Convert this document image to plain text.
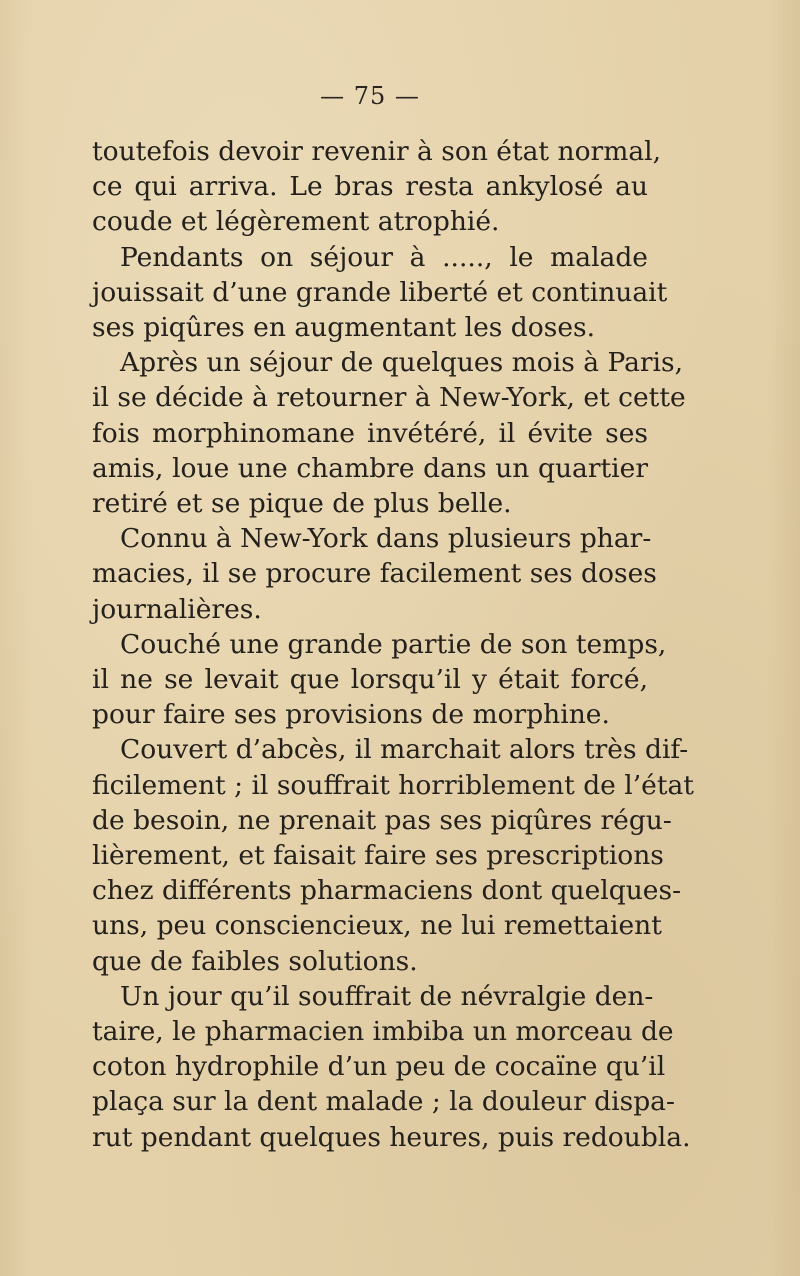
— 75 —

toutefois devoir revenir à son état normal,
ce qui arriva. Le bras resta ankylosé au
coude et légèrement atrophié.

Pendants on séjour à ....., le malade
jouissait d’une grande liberté et continuait
ses piqûres en augmentant les doses.

Après un séjour de quelques mois à Paris,
il se décide à retourner à New-York, et cette
fois morphinomane invétéré, il évite ses
amis, loue une chambre dans un quartier
retiré et se pique de plus belle.

Connu à New-York dans plusieurs phar-
macies, il se procure facilement ses doses
journalières.

Couché une grande partie de son temps,
il ne se levait que lorsqu’il y était forcé,
pour faire ses provisions de morphine.

Couvert d’abcès, il marchait alors très dif-
ficilement ; il souffrait horriblement de l’état
de besoin, ne prenait pas ses piqûres régu-
lièrement, et faisait faire ses prescriptions
chez différents pharmaciens dont quelques-
uns, peu consciencieux, ne lui remettaient
que de faibles solutions.

Un jour qu’il souffrait de névralgie den-
taire, le pharmacien imbiba un morceau de
coton hydrophile d’un peu de cocaïne qu’il
plaça sur la dent malade ; la douleur dispa-
rut pendant quelques heures, puis redoubla.
